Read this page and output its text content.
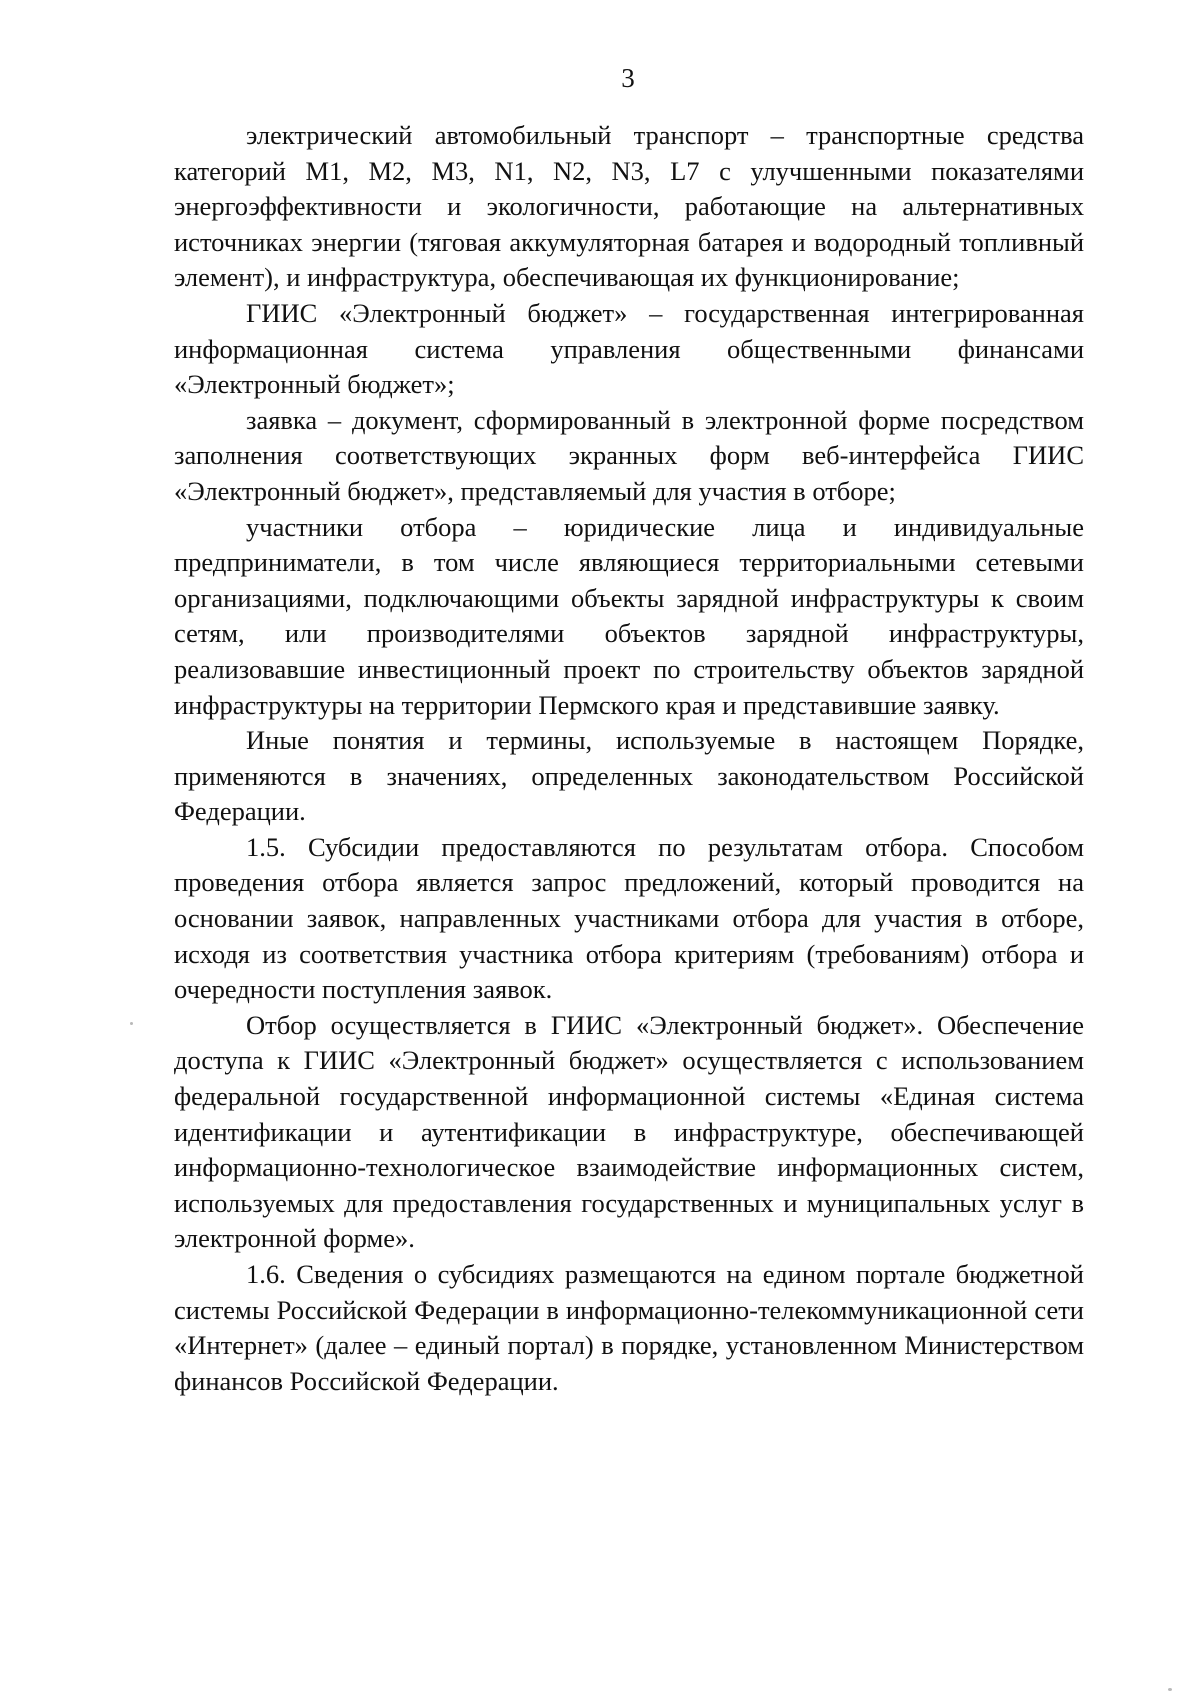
3

электрический автомобильный транспорт – транспортные средства категорий M1, M2, M3, N1, N2, N3, L7 с улучшенными показателями энергоэффективности и экологичности, работающие на альтернативных источниках энергии (тяговая аккумуляторная батарея и водородный топливный элемент), и инфраструктура, обеспечивающая их функционирование;

ГИИС «Электронный бюджет» – государственная интегрированная информационная система управления общественными финансами «Электронный бюджет»;

заявка – документ, сформированный в электронной форме посредством заполнения соответствующих экранных форм веб-интерфейса ГИИС «Электронный бюджет», представляемый для участия в отборе;

участники отбора – юридические лица и индивидуальные предприниматели, в том числе являющиеся территориальными сетевыми организациями, подключающими объекты зарядной инфраструктуры к своим сетям, или производителями объектов зарядной инфраструктуры, реализовавшие инвестиционный проект по строительству объектов зарядной инфраструктуры на территории Пермского края и представившие заявку.

Иные понятия и термины, используемые в настоящем Порядке, применяются в значениях, определенных законодательством Российской Федерации.

1.5. Субсидии предоставляются по результатам отбора. Способом проведения отбора является запрос предложений, который проводится на основании заявок, направленных участниками отбора для участия в отборе, исходя из соответствия участника отбора критериям (требованиям) отбора и очередности поступления заявок.

Отбор осуществляется в ГИИС «Электронный бюджет». Обеспечение доступа к ГИИС «Электронный бюджет» осуществляется с использованием федеральной государственной информационной системы «Единая система идентификации и аутентификации в инфраструктуре, обеспечивающей информационно-технологическое взаимодействие информационных систем, используемых для предоставления государственных и муниципальных услуг в электронной форме».

1.6. Сведения о субсидиях размещаются на едином портале бюджетной системы Российской Федерации в информационно-телекоммуникационной сети «Интернет» (далее – единый портал) в порядке, установленном Министерством финансов Российской Федерации.
